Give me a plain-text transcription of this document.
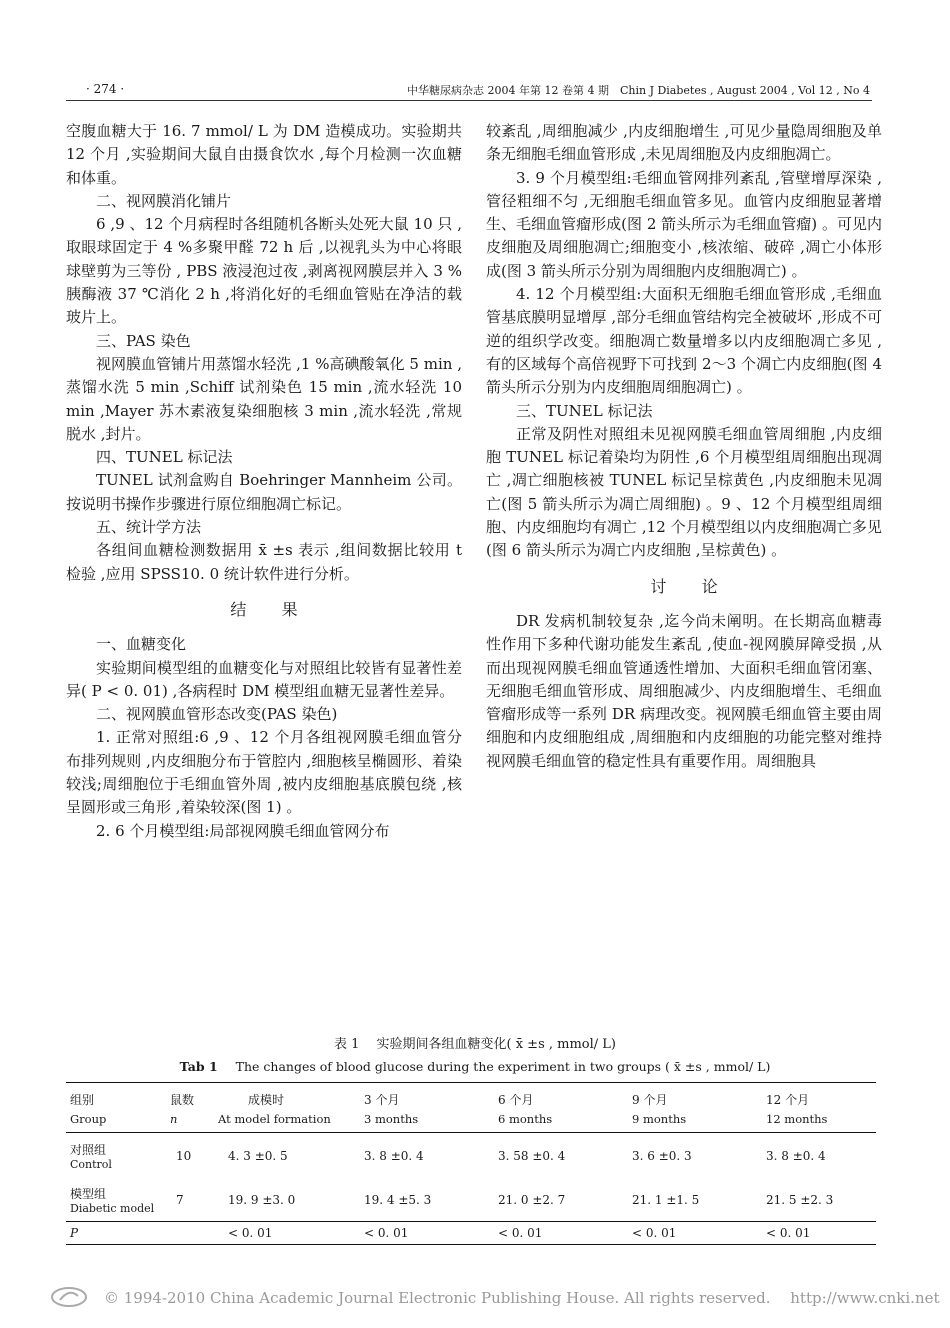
· 274 ·	中华糖尿病杂志 2004 年第 12 卷第 4 期　Chin J Diabetes , August 2004 , Vol 12 , No 4

空腹血糖大于 16. 7 mmol/ L 为 DM 造模成功。实验期共 12 个月 ,实验期间大鼠自由摄食饮水 ,每个月检测一次血糖和体重。

二、视网膜消化铺片

6 ,9 、12 个月病程时各组随机各断头处死大鼠 10 只 ,取眼球固定于 4 %多聚甲醛 72 h 后 ,以视乳头为中心将眼球壁剪为三等份 , PBS 液浸泡过夜 ,剥离视网膜层并入 3 %胰酶液 37 ℃消化 2 h ,将消化好的毛细血管贴在净洁的载玻片上。

三、PAS 染色

视网膜血管铺片用蒸馏水轻洗 ,1 %高碘酸氧化 5 min ,蒸馏水洗 5 min ,Schiff 试剂染色 15 min ,流水轻洗 10 min ,Mayer 苏木素液复染细胞核 3 min ,流水轻洗 ,常规脱水 ,封片。

四、TUNEL 标记法

TUNEL 试剂盒购自 Boehringer Mannheim 公司。按说明书操作步骤进行原位细胞凋亡标记。

五、统计学方法

各组间血糖检测数据用 x̄ ±s 表示 ,组间数据比较用 t 检验 ,应用 SPSS10. 0 统计软件进行分析。

结果
一、血糖变化

实验期间模型组的血糖变化与对照组比较皆有显著性差异( P < 0. 01) ,各病程时 DM 模型组血糖无显著性差异。

二、视网膜血管形态改变(PAS 染色)

1. 正常对照组:6 ,9 、12 个月各组视网膜毛细血管分布排列规则 ,内皮细胞分布于管腔内 ,细胞核呈椭圆形、着染较浅;周细胞位于毛细血管外周 ,被内皮细胞基底膜包绕 ,核呈圆形或三角形 ,着染较深(图 1) 。

2. 6 个月模型组:局部视网膜毛细血管网分布

较紊乱 ,周细胞减少 ,内皮细胞增生 ,可见少量隐周细胞及单条无细胞毛细血管形成 ,未见周细胞及内皮细胞凋亡。

3. 9 个月模型组:毛细血管网排列紊乱 ,管壁增厚深染 ,管径粗细不匀 ,无细胞毛细血管多见。血管内皮细胞显著增生、毛细血管瘤形成(图 2 箭头所示为毛细血管瘤) 。可见内皮细胞及周细胞凋亡;细胞变小 ,核浓缩、破碎 ,凋亡小体形成(图 3 箭头所示分别为周细胞内皮细胞凋亡) 。

4. 12 个月模型组:大面积无细胞毛细血管形成 ,毛细血管基底膜明显增厚 ,部分毛细血管结构完全被破坏 ,形成不可逆的组织学改变。细胞凋亡数量增多以内皮细胞凋亡多见 ,有的区域每个高倍视野下可找到 2～3 个凋亡内皮细胞(图 4 箭头所示分别为内皮细胞周细胞凋亡) 。

三、TUNEL 标记法

正常及阴性对照组未见视网膜毛细血管周细胞 ,内皮细胞 TUNEL 标记着染均为阴性 ,6 个月模型组周细胞出现凋亡 ,凋亡细胞核被 TUNEL 标记呈棕黄色 ,内皮细胞未见凋亡(图 5 箭头所示为凋亡周细胞) 。9 、12 个月模型组周细胞、内皮细胞均有凋亡 ,12 个月模型组以内皮细胞凋亡多见(图 6 箭头所示为凋亡内皮细胞 ,呈棕黄色) 。

讨论

DR 发病机制较复杂 ,迄今尚未阐明。在长期高血糖毒性作用下多种代谢功能发生紊乱 ,使血-视网膜屏障受损 ,从而出现视网膜毛细血管通透性增加、大面积毛细血管闭塞、无细胞毛细血管形成、周细胞减少、内皮细胞增生、毛细血管瘤形成等一系列 DR 病理改变。视网膜毛细血管主要由周细胞和内皮细胞组成 ,周细胞和内皮细胞的功能完整对维持视网膜毛细血管的稳定性具有重要作用。周细胞具

表 1　 实验期间各组血糖变化( x̄ ±s , mmol/ L)
Tab 1 The changes of blood glucose during the experiment in two groups ( x̄ ±s , mmol/ L)
组别	鼠数	成模时	3 个月	6 个月	9 个月	12 个月
Group	n	At model formation	3 months	6 months	9 months	12 months

对照组
Control	10	4. 3 ±0. 5	3. 8 ±0. 4	3. 58 ±0. 4	3. 6 ±0. 3	3. 8 ±0. 4

模型组
Diabetic model	7	19. 9 ±3. 0	19. 4 ±5. 3	21. 0 ±2. 7	21. 1 ±1. 5	21. 5 ±2. 3
P		< 0. 01	< 0. 01	< 0. 01	< 0. 01	< 0. 01
© 1994-2010 China Academic Journal Electronic Publishing House. All rights reserved.　 http://www.cnki.net
